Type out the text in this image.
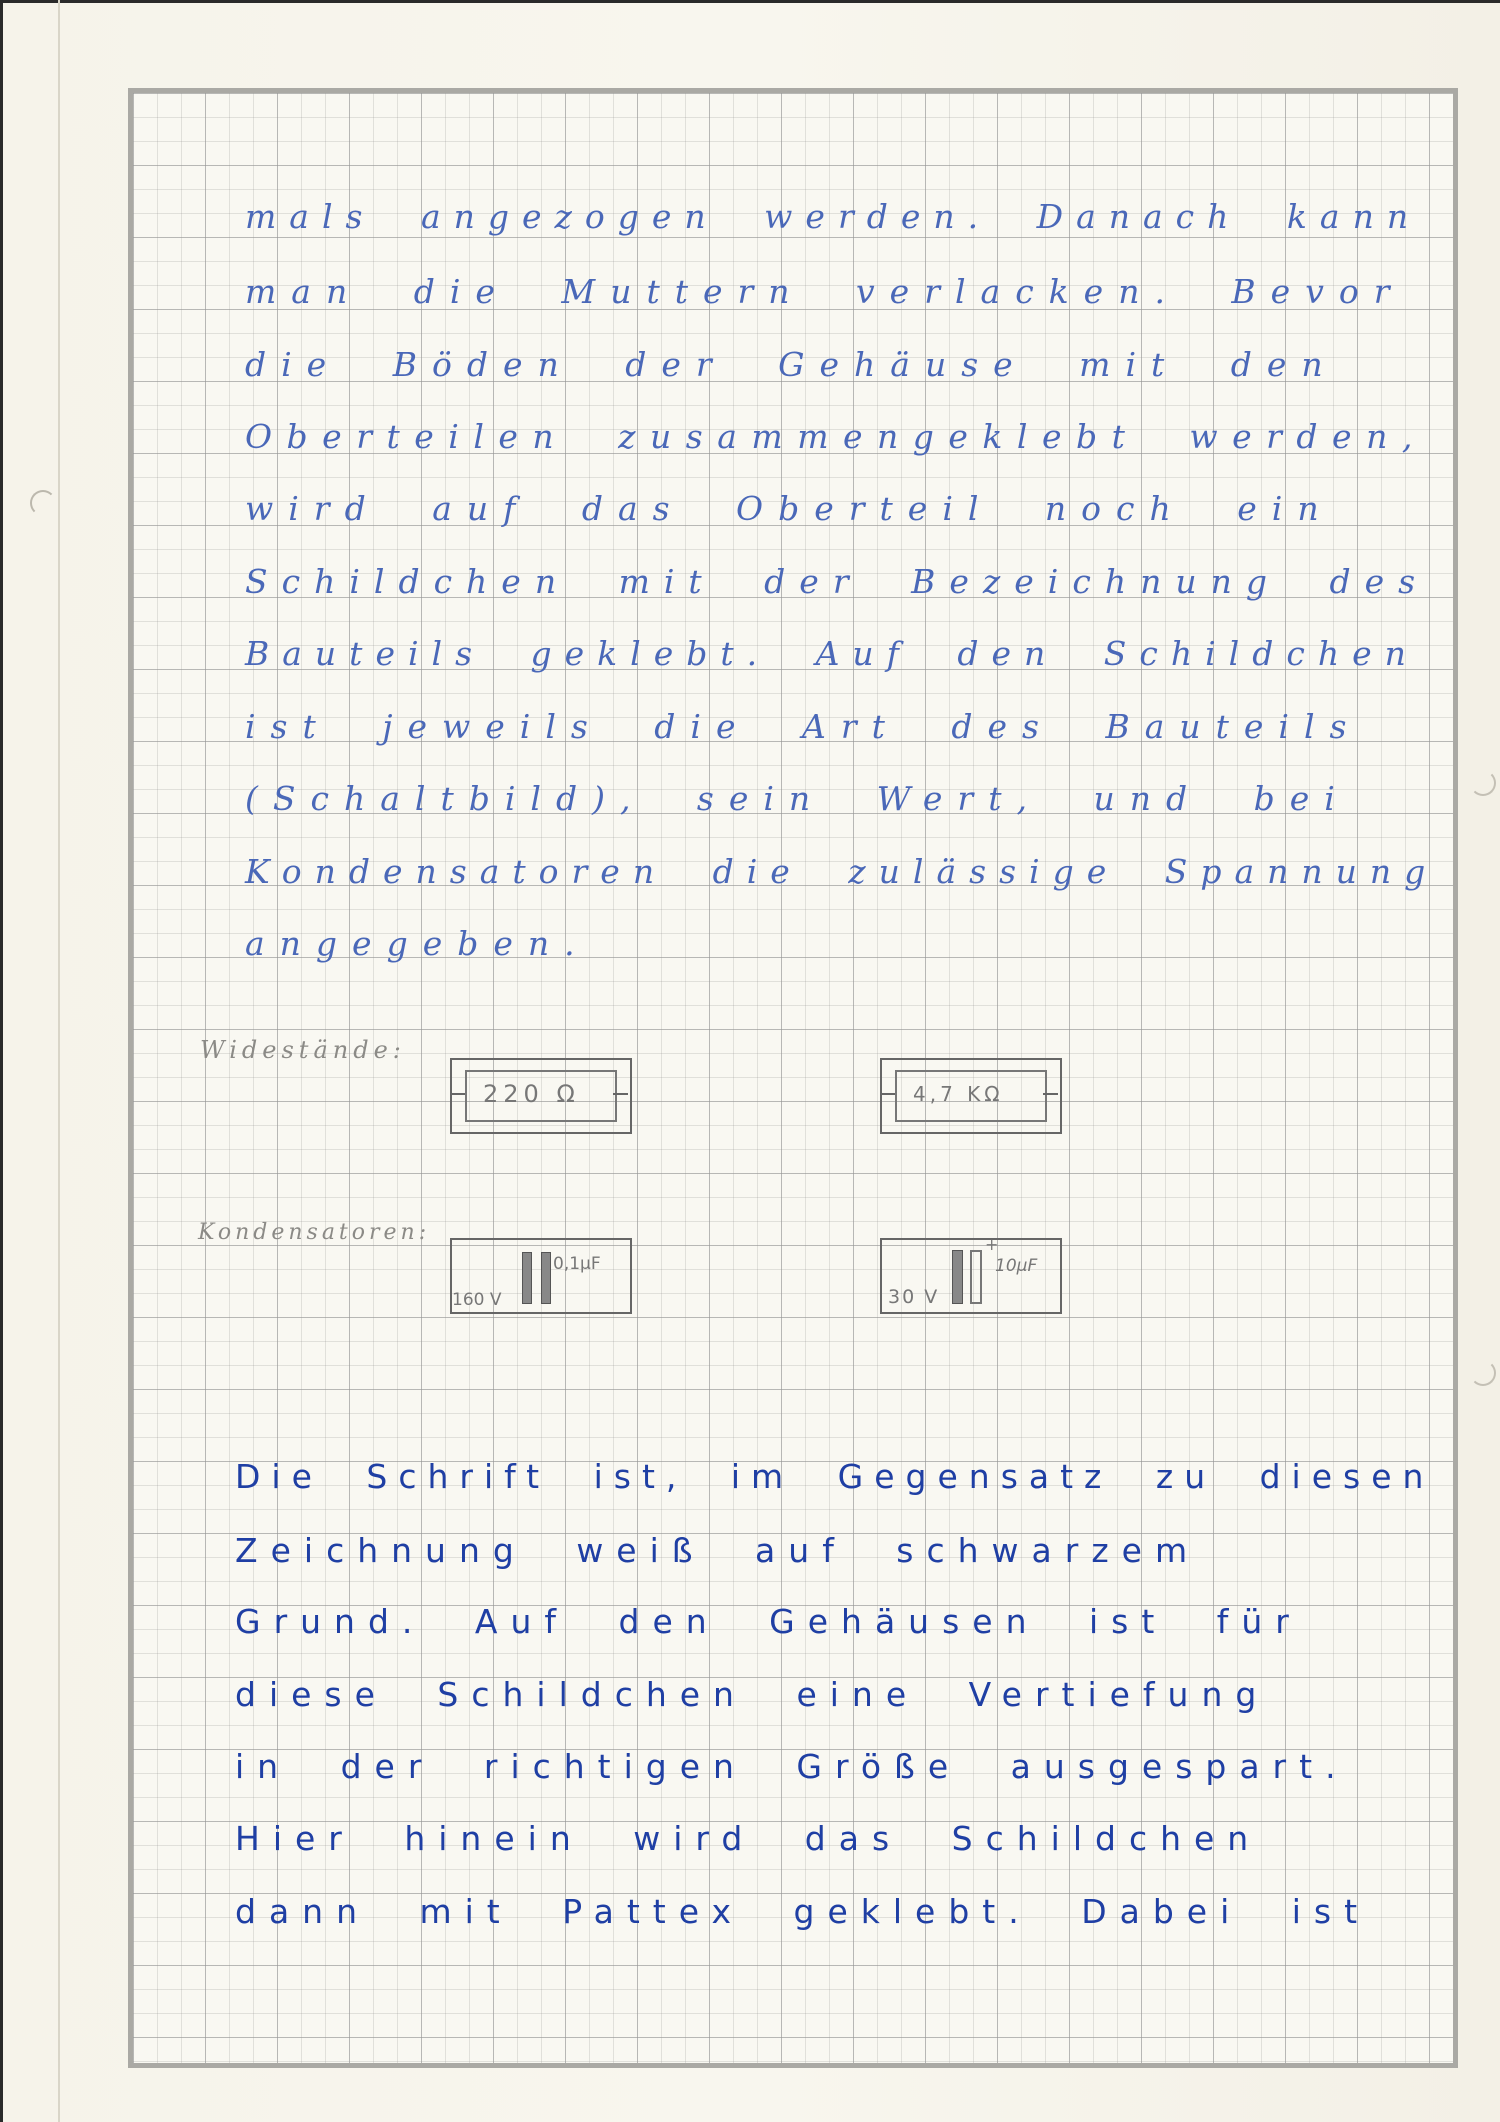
mals angezogen werden. Danach kann
man die Muttern verlacken. Bevor
die Böden der Gehäuse mit den
Oberteilen zusammengeklebt werden,
wird auf das Oberteil noch ein
Schildchen mit der Bezeichnung des
Bauteils geklebt. Auf den Schildchen
ist jeweils die Art des Bauteils
(Schaltbild), sein Wert, und bei
Kondensatoren die zulässige Spannung
angegeben.
Widestände:
220 Ω	4,7 KΩ
Kondensatoren:
0,1µF
160 V
+
10µF
30 V
Die Schrift ist, im Gegensatz zu diesen
Zeichnung weiß auf schwarzem
Grund. Auf den Gehäusen ist für
diese Schildchen eine Vertiefung
in der richtigen Größe ausgespart.
Hier hinein wird das Schildchen
dann mit Pattex geklebt. Dabei ist
